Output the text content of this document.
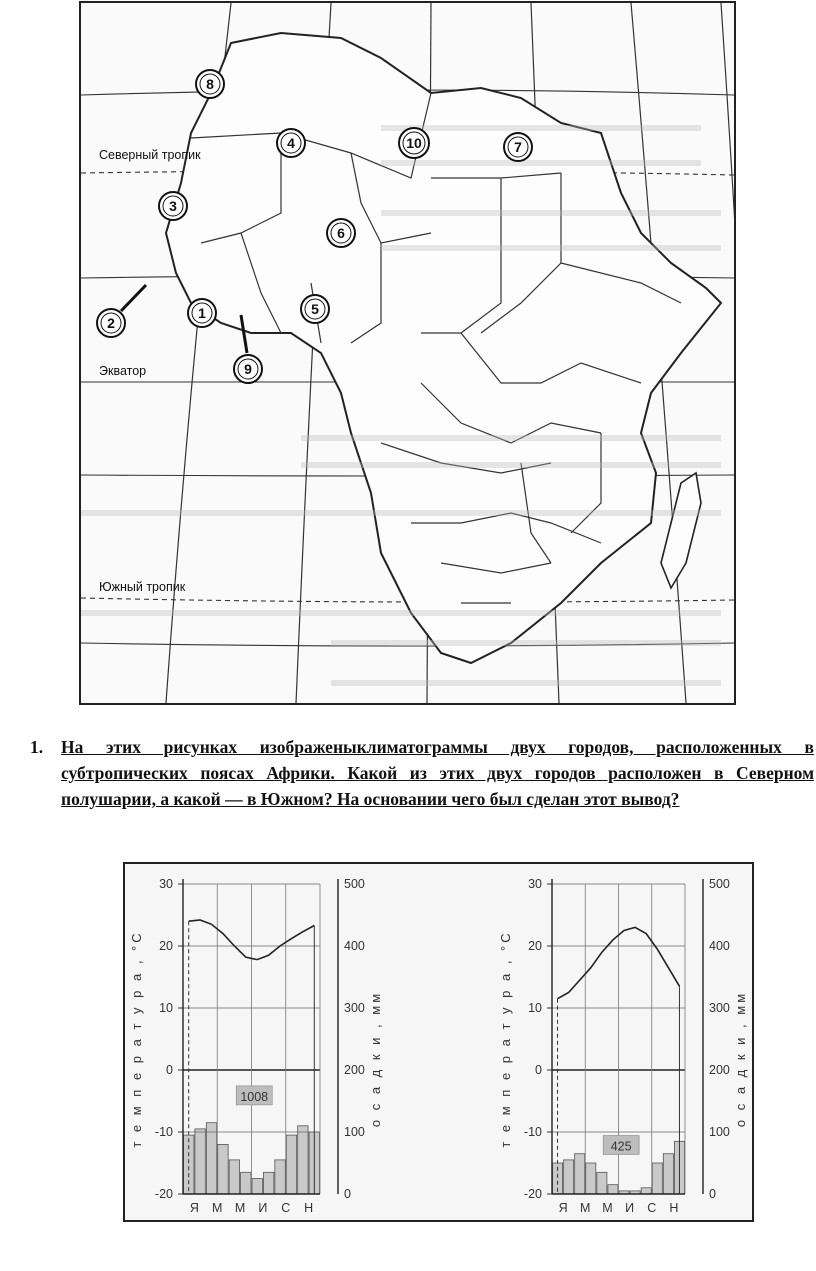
Северный тропик
Экватор
Южный тропик
8
4	10	7
3
6
1	5
2
9
1. На этих рисунках изображеныклиматограммы двух городов, расположенных в субтропических поясах Африки. Какой из этих двух городов расположен в Северном полушарии, а какой — в Южном? На основании чего был сделан этот вывод?
30	500
20	400
10	300
0	200
-10	100
-20	0
1008
Я М М И С Н
т е м п е р а т у р а , °С	о с а д к и , мм
30	500
20	400
10	300
0	200
-10	100
-20	0
425
Я М М И С Н
т е м п е р а т у р а , °С	о с а д к и , мм
